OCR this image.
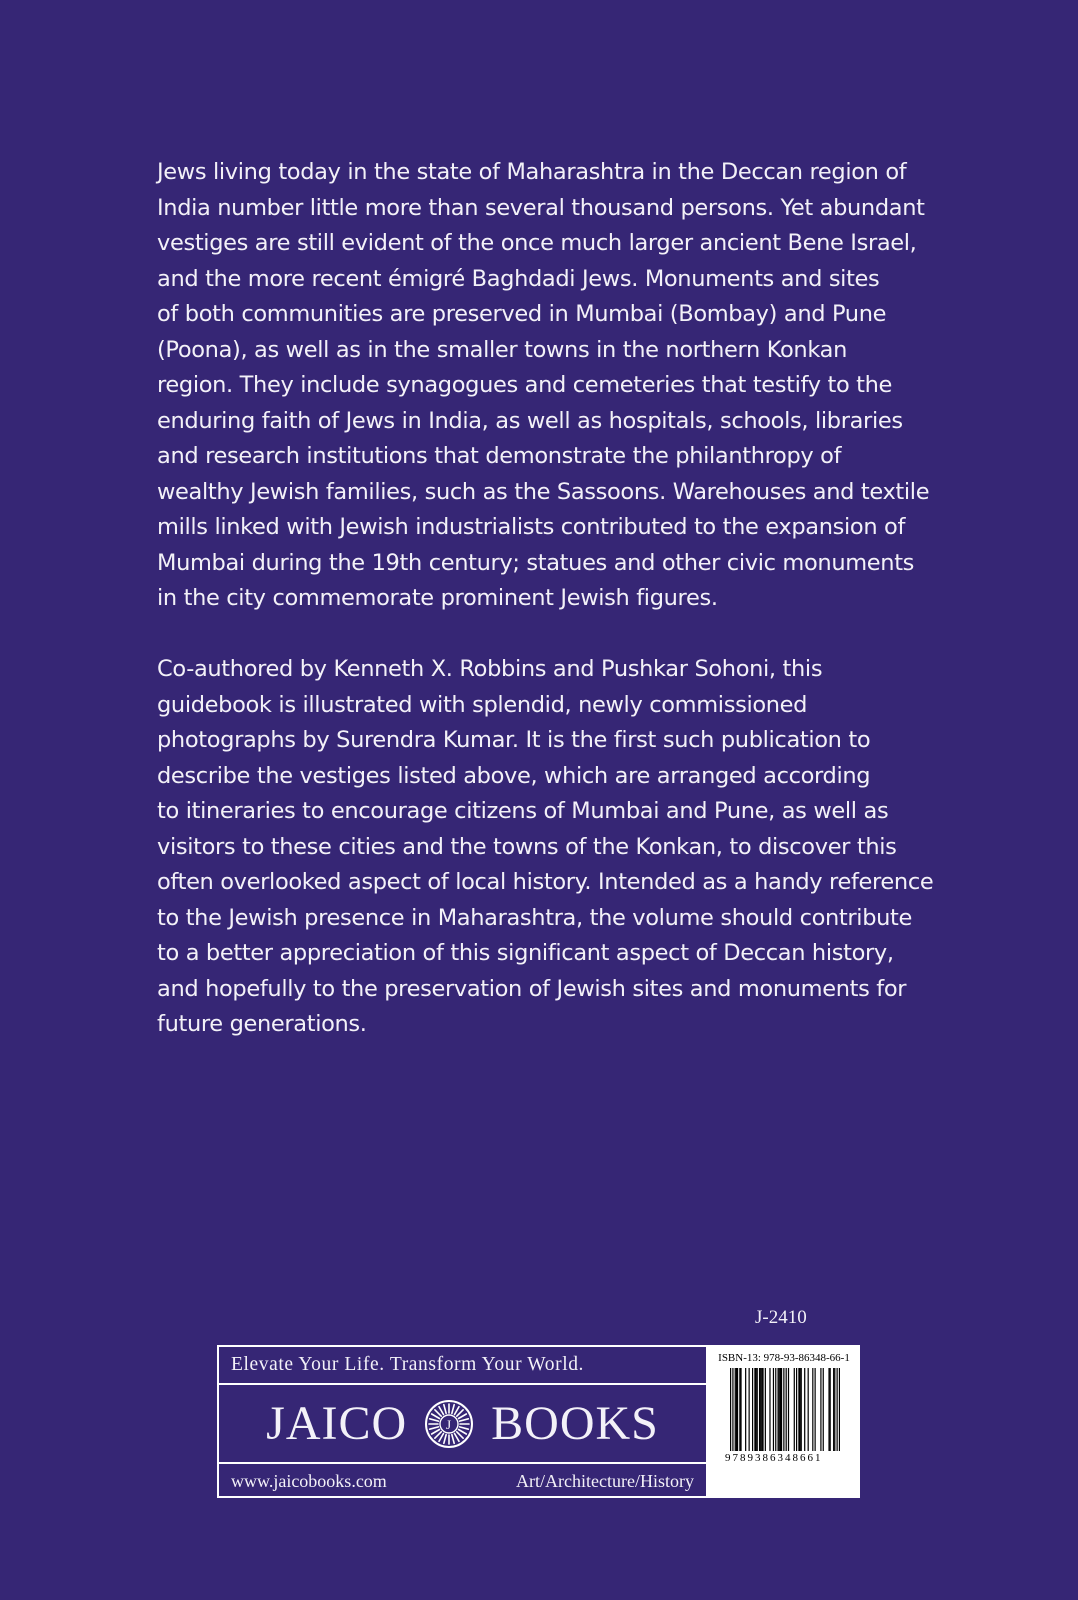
Jews living today in the state of Maharashtra in the Deccan region of
India number little more than several thousand persons. Yet abundant
vestiges are still evident of the once much larger ancient Bene Israel,
and the more recent émigré Baghdadi Jews. Monuments and sites
of both communities are preserved in Mumbai (Bombay) and Pune
(Poona), as well as in the smaller towns in the northern Konkan
region. They include synagogues and cemeteries that testify to the
enduring faith of Jews in India, as well as hospitals, schools, libraries
and research institutions that demonstrate the philanthropy of
wealthy Jewish families, such as the Sassoons. Warehouses and textile
mills linked with Jewish industrialists contributed to the expansion of
Mumbai during the 19th century; statues and other civic monuments
in the city commemorate prominent Jewish figures.

Co-authored by Kenneth X. Robbins and Pushkar Sohoni, this
guidebook is illustrated with splendid, newly commissioned
photographs by Surendra Kumar. It is the first such publication to
describe the vestiges listed above, which are arranged according
to itineraries to encourage citizens of Mumbai and Pune, as well as
visitors to these cities and the towns of the Konkan, to discover this
often overlooked aspect of local history. Intended as a handy reference
to the Jewish presence in Maharashtra, the volume should contribute
to a better appreciation of this significant aspect of Deccan history,
and hopefully to the preservation of Jewish sites and monuments for
future generations.

J-2410
Elevate Your Life. Transform Your World.
JAICO	J BOOKS
www.jaicobooks.com	Art/Architecture/History
ISBN-13: 978-93-86348-66-1
9789386348661
